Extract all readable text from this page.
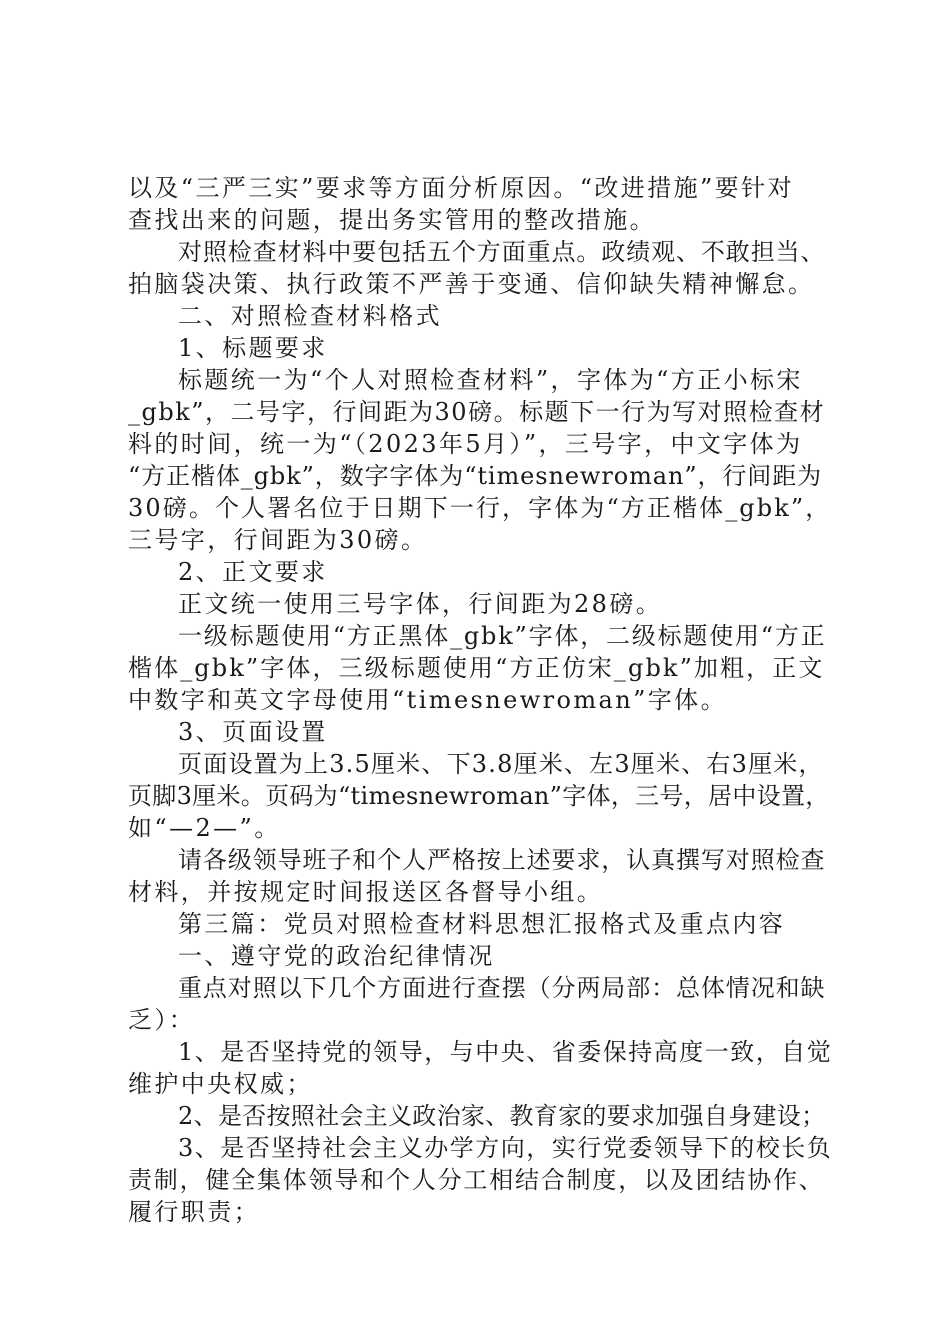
以及“三严三实”要求等方面分析原因。“改进措施”要针对
查找出来的问题，提出务实管用的整改措施。
对照检查材料中要包括五个方面重点。政绩观、不敢担当、
拍脑袋决策、执行政策不严善于变通、信仰缺失精神懈怠。
二、对照检查材料格式
1、标题要求
标题统一为“个人对照检查材料”，字体为“方正小标宋
_gbk”，二号字，行间距为30磅。标题下一行为写对照检查材
料的时间，统一为“（2023年5月）”，三号字，中文字体为
“方正楷体_gbk”，数字字体为“timesnewroman”，行间距为
30磅。个人署名位于日期下一行，字体为“方正楷体_gbk”，
三号字，行间距为30磅。
2、正文要求
正文统一使用三号字体，行间距为28磅。
一级标题使用“方正黑体_gbk”字体，二级标题使用“方正
楷体_gbk”字体，三级标题使用“方正仿宋_gbk”加粗，正文
中数字和英文字母使用“timesnewroman”字体。
3、页面设置
页面设置为上3.5厘米、下3.8厘米、左3厘米、右3厘米，
页脚3厘米。页码为“timesnewroman”字体，三号，居中设置，
如“—2—”。
请各级领导班子和个人严格按上述要求，认真撰写对照检查
材料，并按规定时间报送区各督导小组。
第三篇：党员对照检查材料思想汇报格式及重点内容
一、遵守党的政治纪律情况
重点对照以下几个方面进行查摆（分两局部：总体情况和缺
乏）：
1、是否坚持党的领导，与中央、省委保持高度一致，自觉
维护中央权威；
2、是否按照社会主义政治家、教育家的要求加强自身建设；
3、是否坚持社会主义办学方向，实行党委领导下的校长负
责制，健全集体领导和个人分工相结合制度，以及团结协作、
履行职责；
